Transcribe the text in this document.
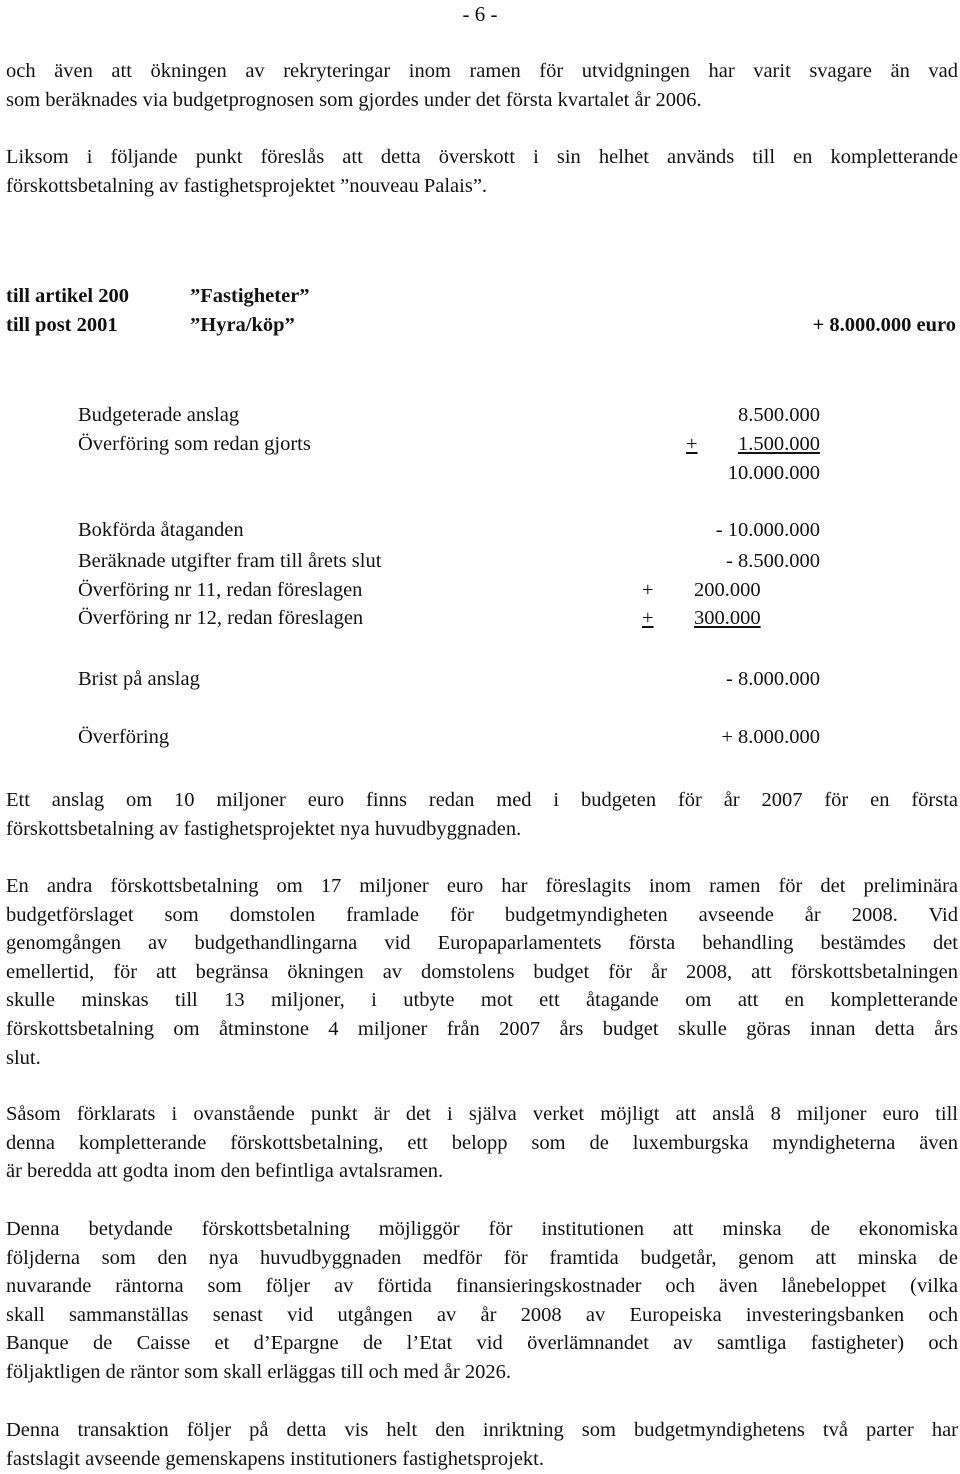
- 6 -
och även att ökningen av rekryteringar inom ramen för utvidgningen har varit svagare än vad
som beräknades via budgetprognosen som gjordes under det första kvartalet år 2006.
Liksom i följande punkt föreslås att detta överskott i sin helhet används till en kompletterande
förskottsbetalning av fastighetsprojektet ”nouveau Palais”.
till artikel 200	”Fastigheter”
till post 2001	”Hyra/köp”	+ 8.000.000 euro
Budgeterade anslag	8.500.000
Överföring som redan gjorts	+	1.500.000
10.000.000
Bokförda åtaganden	- 10.000.000
Beräknade utgifter fram till årets slut	- 8.500.000
Överföring nr 11, redan föreslagen	+ 200.000
Överföring nr 12, redan föreslagen	+	300.000
Brist på anslag	- 8.000.000
Överföring	+ 8.000.000
Ett anslag om 10 miljoner euro finns redan med i budgeten för år 2007 för en första
förskottsbetalning av fastighetsprojektet nya huvudbyggnaden.
En andra förskottsbetalning om 17 miljoner euro har föreslagits inom ramen för det preliminära
budgetförslaget som domstolen framlade för budgetmyndigheten avseende år 2008. Vid
genomgången av budgethandlingarna vid Europaparlamentets första behandling bestämdes det
emellertid, för att begränsa ökningen av domstolens budget för år 2008, att förskottsbetalningen
skulle minskas till 13 miljoner, i utbyte mot ett åtagande om att en kompletterande
förskottsbetalning om åtminstone 4 miljoner från 2007 års budget skulle göras innan detta års
slut.
Såsom förklarats i ovanstående punkt är det i själva verket möjligt att anslå 8 miljoner euro till
denna kompletterande förskottsbetalning, ett belopp som de luxemburgska myndigheterna även
är beredda att godta inom den befintliga avtalsramen.
Denna betydande förskottsbetalning möjliggör för institutionen att minska de ekonomiska
följderna som den nya huvudbyggnaden medför för framtida budgetår, genom att minska de
nuvarande räntorna som följer av förtida finansieringskostnader och även lånebeloppet (vilka
skall sammanställas senast vid utgången av år 2008 av Europeiska investeringsbanken och
Banque de Caisse et d’Epargne de l’Etat vid överlämnandet av samtliga fastigheter) och
följaktligen de räntor som skall erläggas till och med år 2026.
Denna transaktion följer på detta vis helt den inriktning som budgetmyndighetens två parter har
fastslagit avseende gemenskapens institutioners fastighetsprojekt.
